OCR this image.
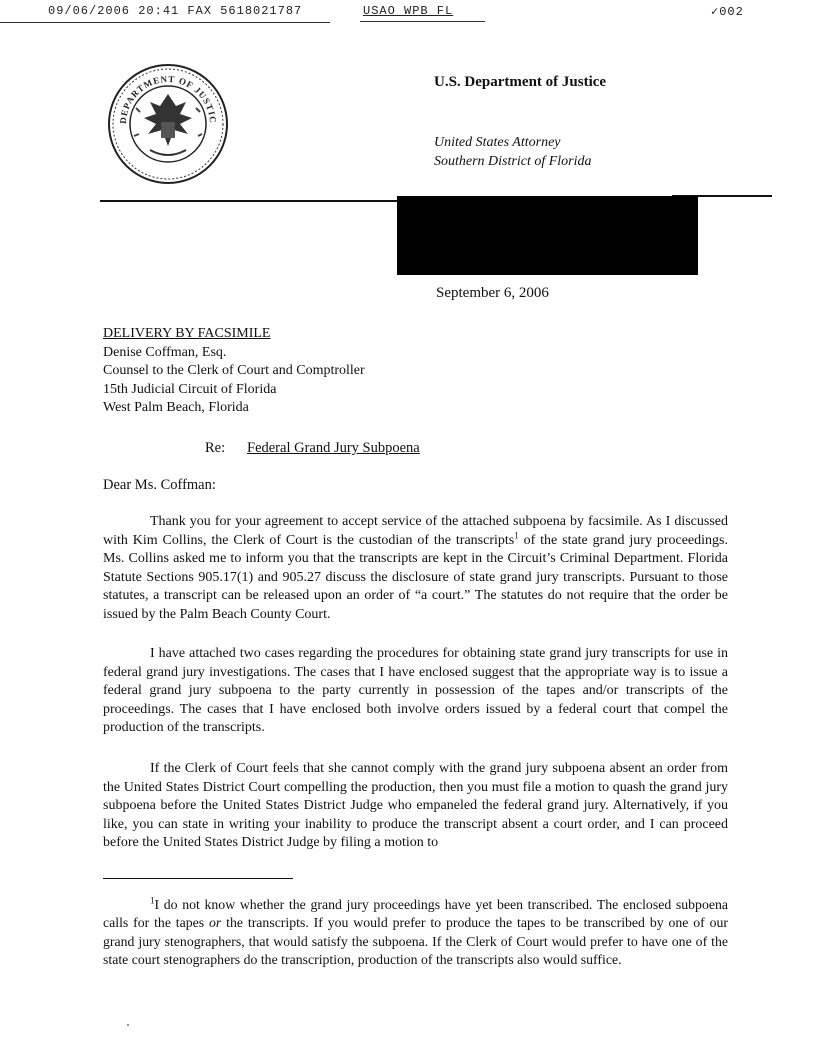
09/06/2006 20:41 FAX 5618021787	USAO WPB FL	✓002
DEPARTMENT OF JUSTIC
U.S. Department of Justice
United States Attorney
Southern District of Florida
September 6, 2006
DELIVERY BY FACSIMILE
Denise Coffman, Esq.
Counsel to the Clerk of Court and Comptroller
15th Judicial Circuit of Florida
West Palm Beach, Florida
Re: Federal Grand Jury Subpoena
Dear Ms. Coffman:

Thank you for your agreement to accept service of the attached subpoena by facsimile. As I discussed with Kim Collins, the Clerk of Court is the custodian of the transcripts$^1$ of the state grand jury proceedings. Ms. Collins asked me to inform you that the transcripts are kept in the Circuit’s Criminal Department. Florida Statute Sections 905.17(1) and 905.27 discuss the disclosure of state grand jury transcripts. Pursuant to those statutes, a transcript can be released upon an order of “a court.” The statutes do not require that the order be issued by the Palm Beach County Court.

I have attached two cases regarding the procedures for obtaining state grand jury transcripts for use in federal grand jury investigations. The cases that I have enclosed suggest that the appropriate way is to issue a federal grand jury subpoena to the party currently in possession of the tapes and/or transcripts of the proceedings. The cases that I have enclosed both involve orders issued by a federal court that compel the production of the transcripts.

If the Clerk of Court feels that she cannot comply with the grand jury subpoena absent an order from the United States District Court compelling the production, then you must file a motion to quash the grand jury subpoena before the United States District Judge who empaneled the federal grand jury. Alternatively, if you like, you can state in writing your inability to produce the transcript absent a court order, and I can proceed before the United States District Judge by filing a motion to

$^1$I do not know whether the grand jury proceedings have yet been transcribed. The enclosed subpoena calls for the tapes or the transcripts. If you would prefer to produce the tapes to be transcribed by one of our grand jury stenographers, that would satisfy the subpoena. If the Clerk of Court would prefer to have one of the state court stenographers do the transcription, production of the transcripts also would suffice.
